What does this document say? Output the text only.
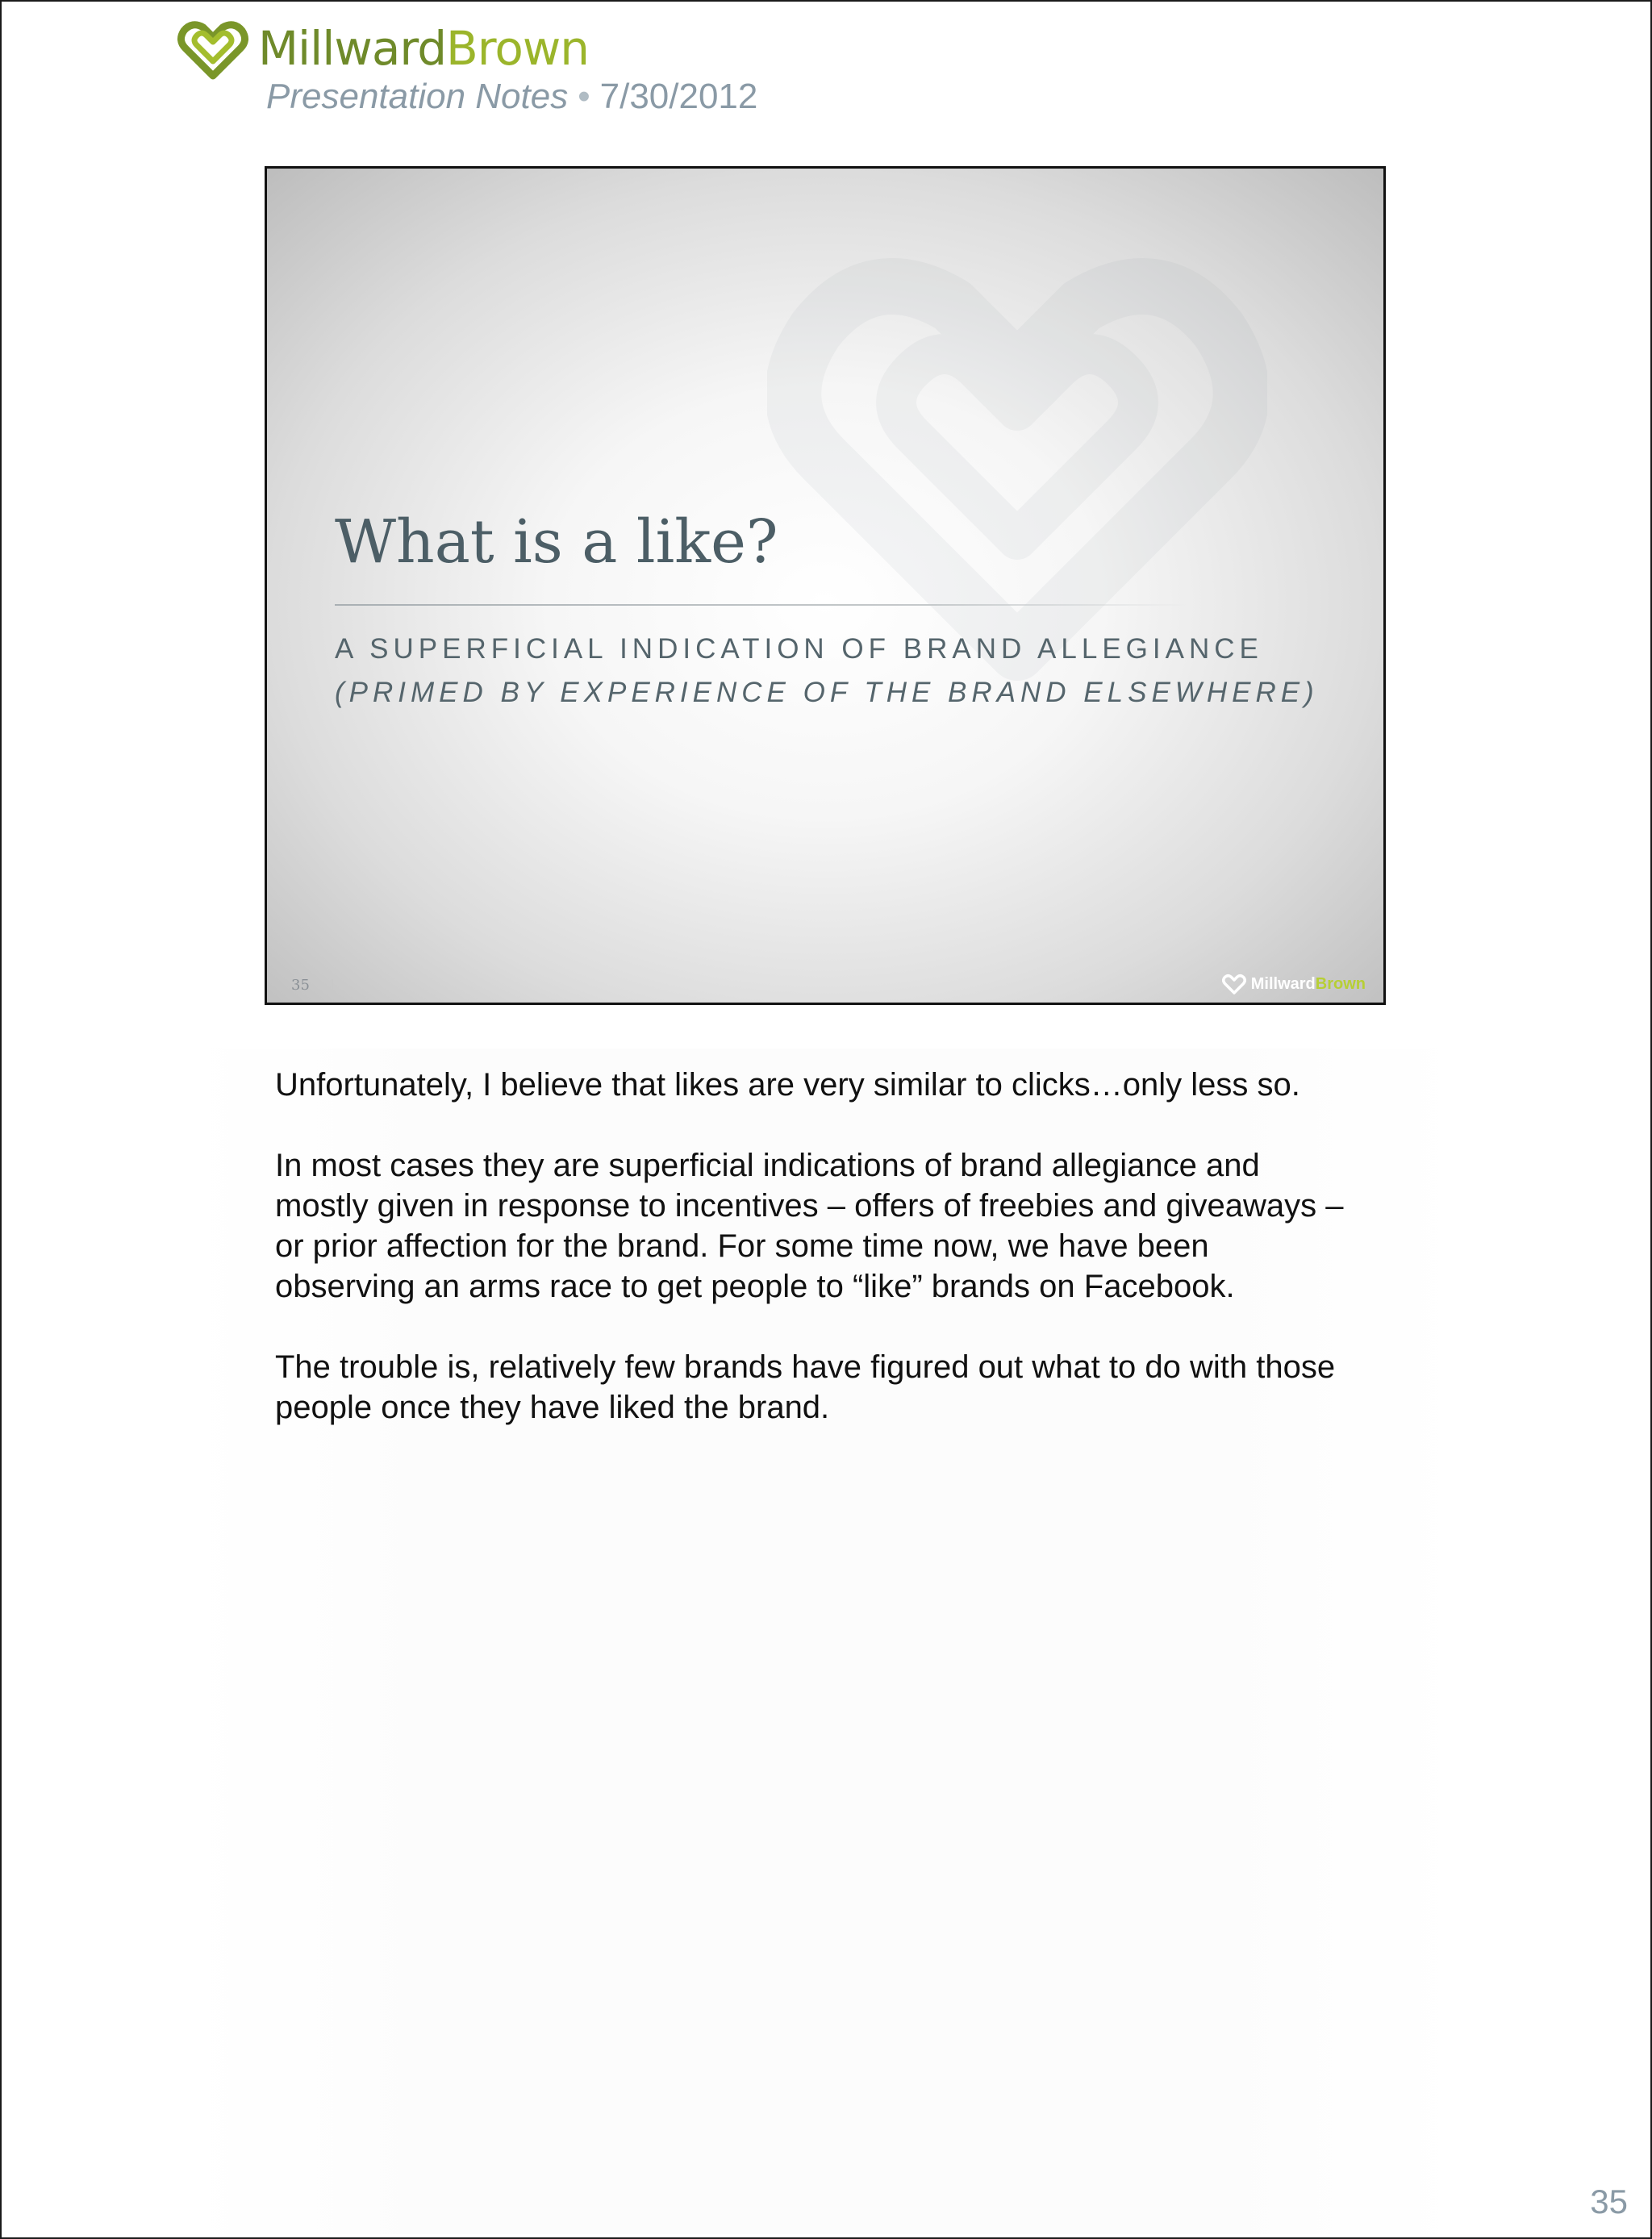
MillwardBrown
Presentation Notes • 7/30/2012
What is a like?
A SUPERFICIAL INDICATION OF BRAND ALLEGIANCE
(PRIMED BY EXPERIENCE OF THE BRAND ELSEWHERE)
35	MillwardBrown

Unfortunately, I believe that likes are very similar to clicks…only less so.

In most cases they are superficial indications of brand allegiance and mostly given in response to incentives – offers of freebies and giveaways – or prior affection for the brand. For some time now, we have been observing an arms race to get people to “like” brands on Facebook.

The trouble is, relatively few brands have figured out what to do with those people once they have liked the brand.

35
